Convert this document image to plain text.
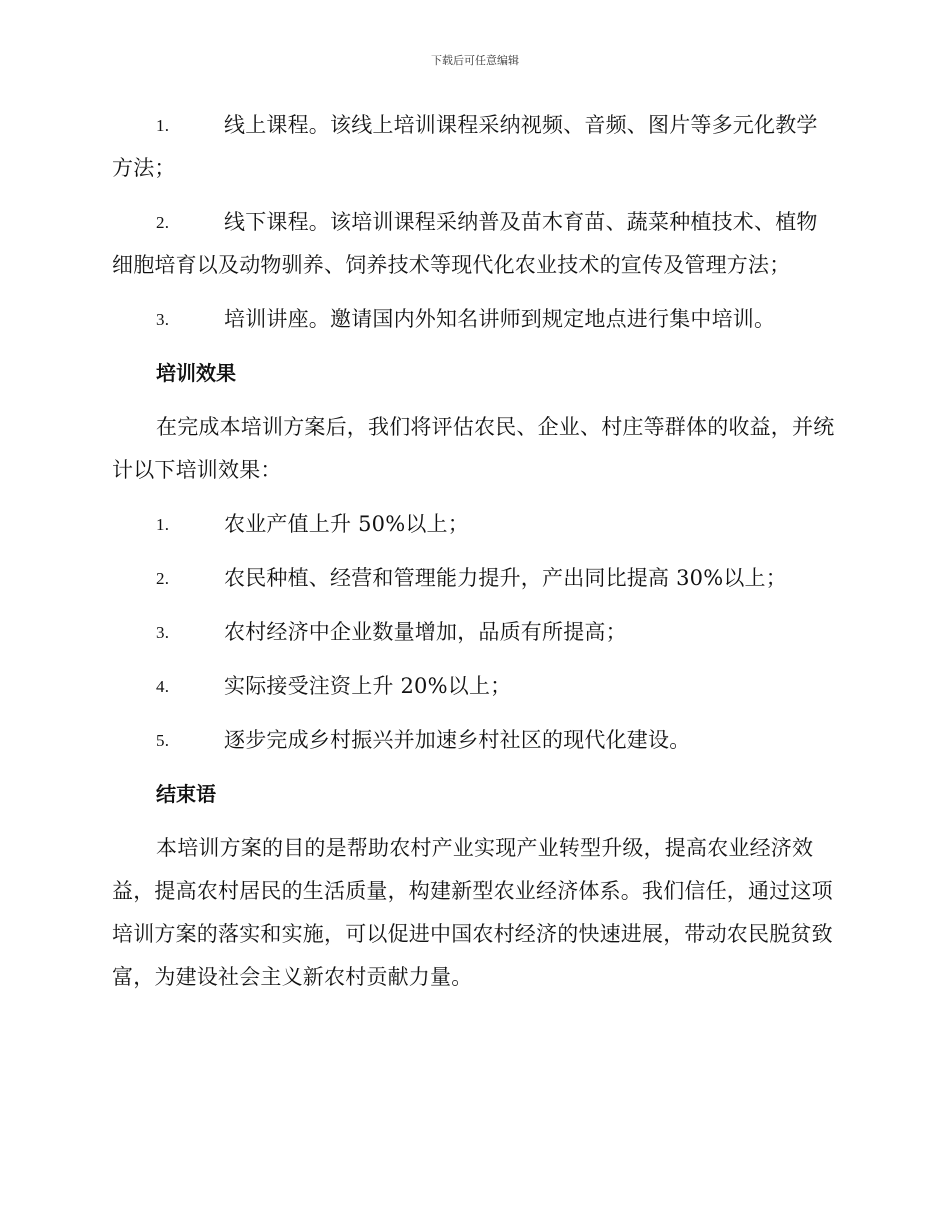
下载后可任意编辑
1.	线上课程。该线上培训课程采纳视频、音频、图片等多元化教学方法；
2.	线下课程。该培训课程采纳普及苗木育苗、蔬菜种植技术、植物细胞培育以及动物驯养、饲养技术等现代化农业技术的宣传及管理方法；
3.	培训讲座。邀请国内外知名讲师到规定地点进行集中培训。
培训效果
在完成本培训方案后，我们将评估农民、企业、村庄等群体的收益，并统计以下培训效果：
1.	农业产值上升 50%以上；
2.	农民种植、经营和管理能力提升，产出同比提高 30%以上；
3.	农村经济中企业数量增加，品质有所提高；
4.	实际接受注资上升 20%以上；
5.	逐步完成乡村振兴并加速乡村社区的现代化建设。
结束语
本培训方案的目的是帮助农村产业实现产业转型升级，提高农业经济效益，提高农村居民的生活质量，构建新型农业经济体系。我们信任，通过这项培训方案的落实和实施，可以促进中国农村经济的快速进展，带动农民脱贫致富，为建设社会主义新农村贡献力量。
